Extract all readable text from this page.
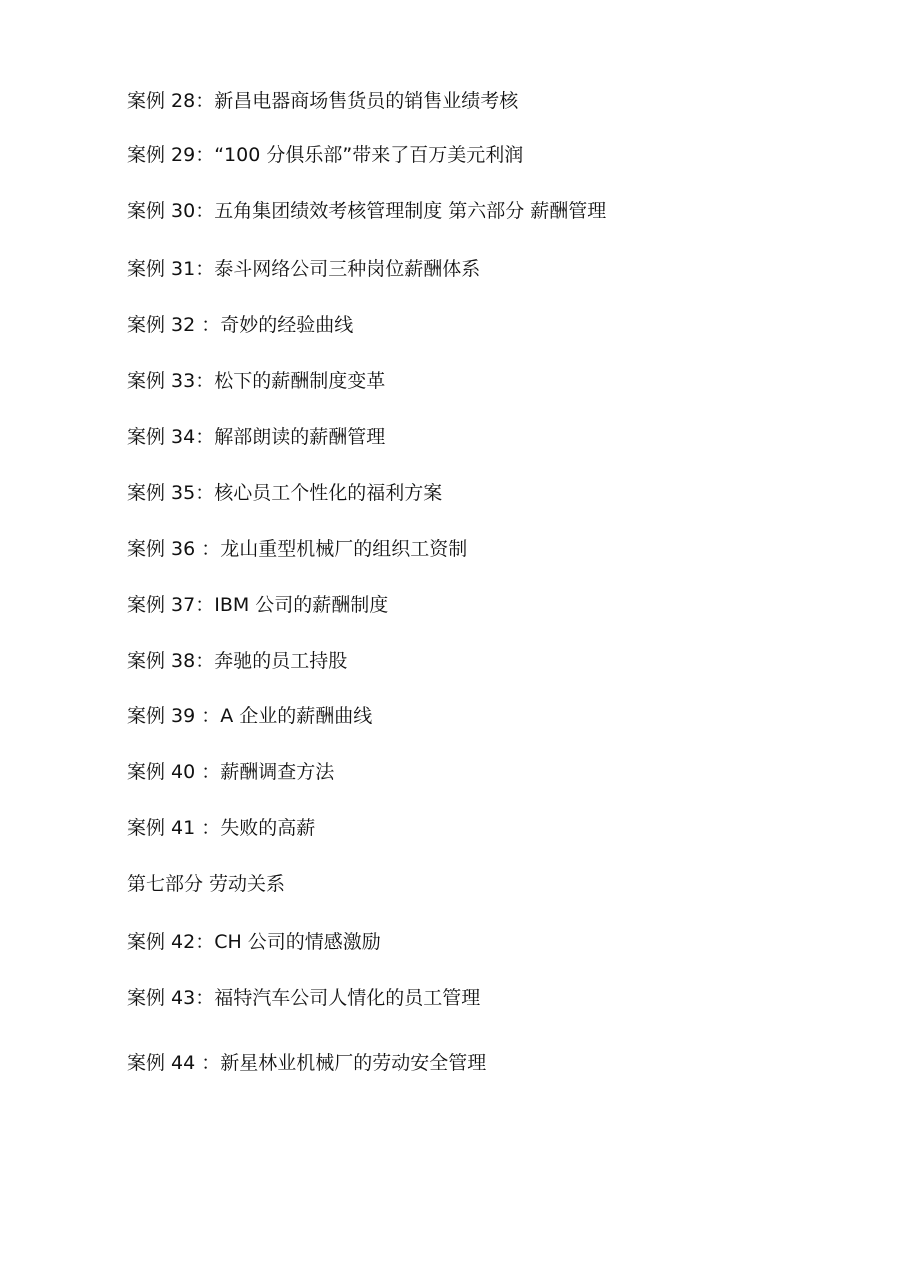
案例 28：新昌电器商场售货员的销售业绩考核
案例 29：“100 分俱乐部”带来了百万美元利润
案例 30：五角集团绩效考核管理制度 第六部分 薪酬管理
案例 31：泰斗网络公司三种岗位薪酬体系
案例 32 ：奇妙的经验曲线
案例 33：松下的薪酬制度变革
案例 34：解部朗读的薪酬管理
案例 35：核心员工个性化的福利方案
案例 36 ：龙山重型机械厂的组织工资制
案例 37：IBM 公司的薪酬制度
案例 38：奔驰的员工持股
案例 39 ：A 企业的薪酬曲线
案例 40 ：薪酬调查方法
案例 41 ：失败的高薪
第七部分 劳动关系
案例 42：CH 公司的情感激励
案例 43：福特汽车公司人情化的员工管理
案例 44 ：新星林业机械厂的劳动安全管理
